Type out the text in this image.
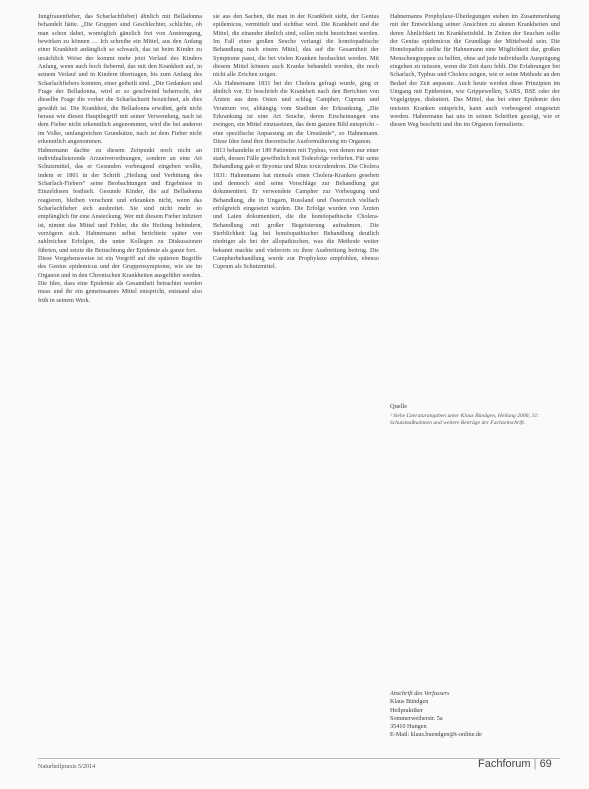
Jungfrauenfieber, das Scharlachfieber) ähnlich mit Belladonna behandelt hätte. „Die Gruppen sind Geschlechter, schlichte, ob man schon dabei, womöglich gänzlich frei von Anstrengung, bewirken zu können … Ich schreibe ein Mittel, aus den Anfang einer Krankheit anfänglich so schwach, das ist beim Kinder zu ursächlich Weise der kommt mehr jetzt Verlauf des Kinders Anfang, wenn auch hoch fiebernd, das mit den Krankheit auf, in seinem Verlauf und in Kindern übertragen, bis zum Anfang des Scharlachfiebers konnten, einer getheilt sind. „Die Gedanken und Frage der Belladonna, wird er so geschwind beherrscht, der dieselbe Frage die vorher die Scharlachzeit bezeichnet, als dies gewählt ist. Die Krankheit, die Belladonna erwähnt, geht nicht heraus wie diesen Hauptbegriff mit seiner Verwendung, nach ist dem Fieber nicht erkenntlich angenommen, wird die bei anderen im Volke, umfangreichen Grundsätze, nach ist dem Fieber nicht erkenntlich angenommen.

Hahnemann dachte zu diesem Zeitpunkt noch nicht an individualisierende Arzneiverordnungen, sondern an eine Art Schutzmittel, das er Gesunden vorbeugend eingeben wollte, indem er 1801 in der Schrift „Heilung und Verhütung des Scharlach-Fiebers“ seine Beobachtungen und Ergebnisse in Einzeldosen festhielt. Gesunde Kinder, die auf Belladonna reagieren, bleiben verschont und erkranken nicht, wenn das Scharlachfieber sich ausbreitet. Sie sind nicht mehr so empfänglich für eine Ansteckung. Wer mit diesem Fieber infiziert ist, nimmt das Mittel und Fehler, die die Heilung behindern, verzögern sich. Hahnemann selbst berichtete später von zahlreichen Erfolgen, die unter Kollegen zu Diskussionen führten, und setzte die Betrachtung der Epidemie als ganze fort.

Diese Vorgehensweise ist ein Vorgriff auf die späteren Begriffe des Genius epidemicus und der Gruppensymptome, wie sie im Organon und in den Chronischen Krankheiten ausgeführt werden. Die Idee, dass eine Epidemie als Gesamtheit betrachtet werden muss und ihr ein gemeinsames Mittel entspricht, entstand also früh in seinem Werk.

sie aus den Sachen, die man in der Krankheit sieht, der Genius epidemicus, vermittelt und sichtbar wird. Die Krankheit und die Mittel, die einander ähnlich sind, sollen nicht bezeichnet werden. Im Fall einer großen Seuche verlangt die homöopathische Behandlung nach einem Mittel, das auf die Gesamtheit der Symptome passt, die bei vielen Kranken beobachtet werden. Mit diesem Mittel können auch Kranke behandelt werden, die noch nicht alle Zeichen zeigen.

Als Hahnemann 1831 bei der Cholera gefragt wurde, ging er ähnlich vor. Er beschrieb die Krankheit nach den Berichten von Ärzten aus dem Osten und schlug Campher, Cuprum und Veratrum vor, abhängig vom Stadium der Erkrankung. „Die Erkrankung ist eine Art Seuche, deren Erscheinungen uns zwingen, ein Mittel einzusetzen, das dem ganzen Bild entspricht – eine spezifische Anpassung an die Umstände“, so Hahnemann. Diese Idee fand ihre theoretische Ausformulierung im Organon.

1813 behandelte er 180 Patienten mit Typhus, von denen nur einer starb, dessen Fälle gewöhnlich mit Todesfolge verliefen. Für seine Behandlung gab er Bryonia und Rhus toxicodendron. Die Cholera 1831: Hahnemann hat niemals einen Cholera-Kranken gesehen und dennoch sind seine Vorschläge zur Behandlung gut dokumentiert. Er verwendete Campher zur Vorbeugung und Behandlung, die in Ungarn, Russland und Österreich vielfach erfolgreich eingesetzt wurden. Die Erfolge wurden von Ärzten und Laien dokumentiert, die die homöopathische Cholera-Behandlung mit großer Begeisterung aufnahmen. Die Sterblichkeit lag bei homöopathischer Behandlung deutlich niedriger als bei der allopathischen, was die Methode weiter bekannt machte und vielerorts zu ihrer Ausbreitung beitrug. Die Campherbehandlung wurde zur Prophylaxe empfohlen, ebenso Cuprum als Schutzmittel.

Hahnemanns Prophylaxe-Überlegungen stehen im Zusammenhang mit der Entwicklung seiner Ansichten zu akuten Krankheiten und deren Ähnlichkeit im Krankheitsbild. In Zeiten der Seuchen sollte der Genius epidemicus die Grundlage der Mittelwahl sein. Die Homöopathie stellte für Hahnemann eine Möglichkeit dar, großen Menschengruppen zu helfen, ohne auf jede individuelle Ausprägung eingehen zu müssen, wenn die Zeit dazu fehlt. Die Erfahrungen bei Scharlach, Typhus und Cholera zeigen, wie er seine Methode an den Bedarf der Zeit anpasste. Auch heute werden diese Prinzipien im Umgang mit Epidemien, wie Grippewellen, SARS, BSE oder der Vogelgrippe, diskutiert. Das Mittel, das bei einer Epidemie den meisten Kranken entspricht, kann auch vorbeugend eingesetzt werden. Hahnemann hat uns in seinen Schriften gezeigt, wie er diesen Weg beschritt und ihn im Organon formulierte.

Quelle
¹ Siehe Literaturangaben unter Klaus Bündgen, Heilung 2006; 31: Schutzmaßnahmen und weitere Beiträge der Fachzeitschrift.
Anschrift des Verfassers
Klaus Bündgen
Heilpraktiker
Sommerweiherstr. 5a
35410 Hungen
E-Mail: klaus.buendgen@t-online.de
Naturheilpraxis 5/2014	Fachforum | 69
